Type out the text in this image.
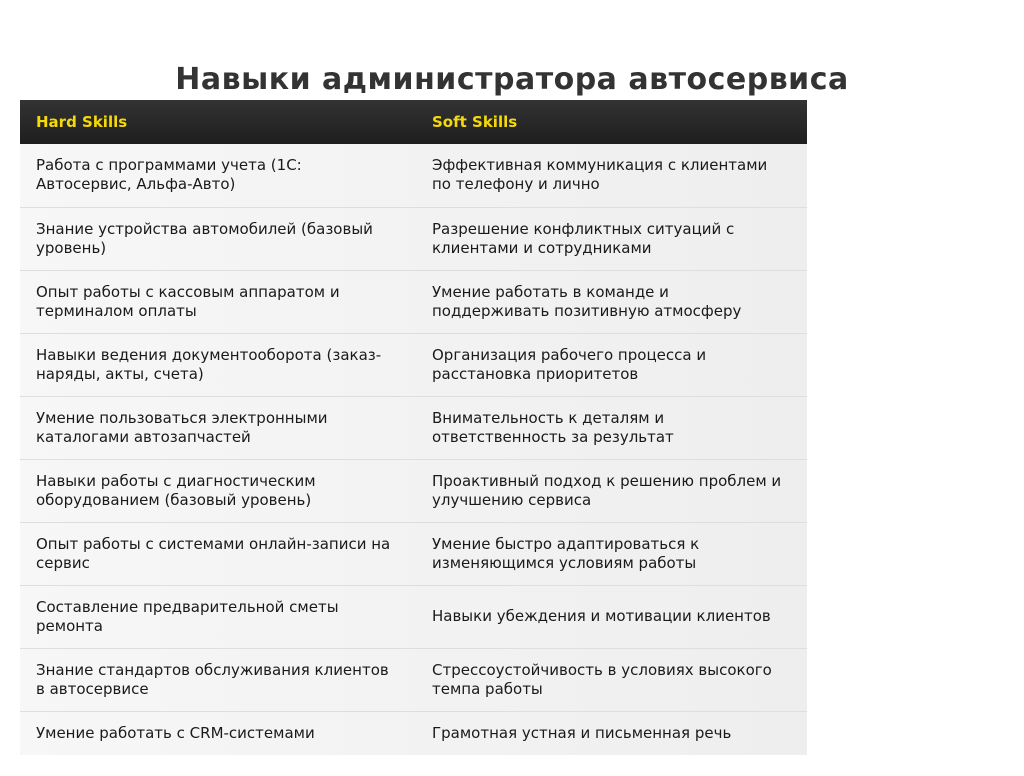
Навыки администратора автосервиса
Hard Skills	Soft Skills
Работа с программами учета (1С: Автосервис, Альфа-Авто)	Эффективная коммуникация с клиентами по телефону и лично
Знание устройства автомобилей (базовый уровень)	Разрешение конфликтных ситуаций с клиентами и сотрудниками
Опыт работы с кассовым аппаратом и терминалом оплаты	Умение работать в команде и поддерживать позитивную атмосферу
Навыки ведения документооборота (заказ-наряды, акты, счета)	Организация рабочего процесса и расстановка приоритетов
Умение пользоваться электронными каталогами автозапчастей	Внимательность к деталям и ответственность за результат
Навыки работы с диагностическим оборудованием (базовый уровень)	Проактивный подход к решению проблем и улучшению сервиса
Опыт работы с системами онлайн-записи на сервис	Умение быстро адаптироваться к изменяющимся условиям работы
Составление предварительной сметы ремонта	Навыки убеждения и мотивации клиентов
Знание стандартов обслуживания клиентов в автосервисе	Стрессоустойчивость в условиях высокого темпа работы
Умение работать с CRM-системами	Грамотная устная и письменная речь
